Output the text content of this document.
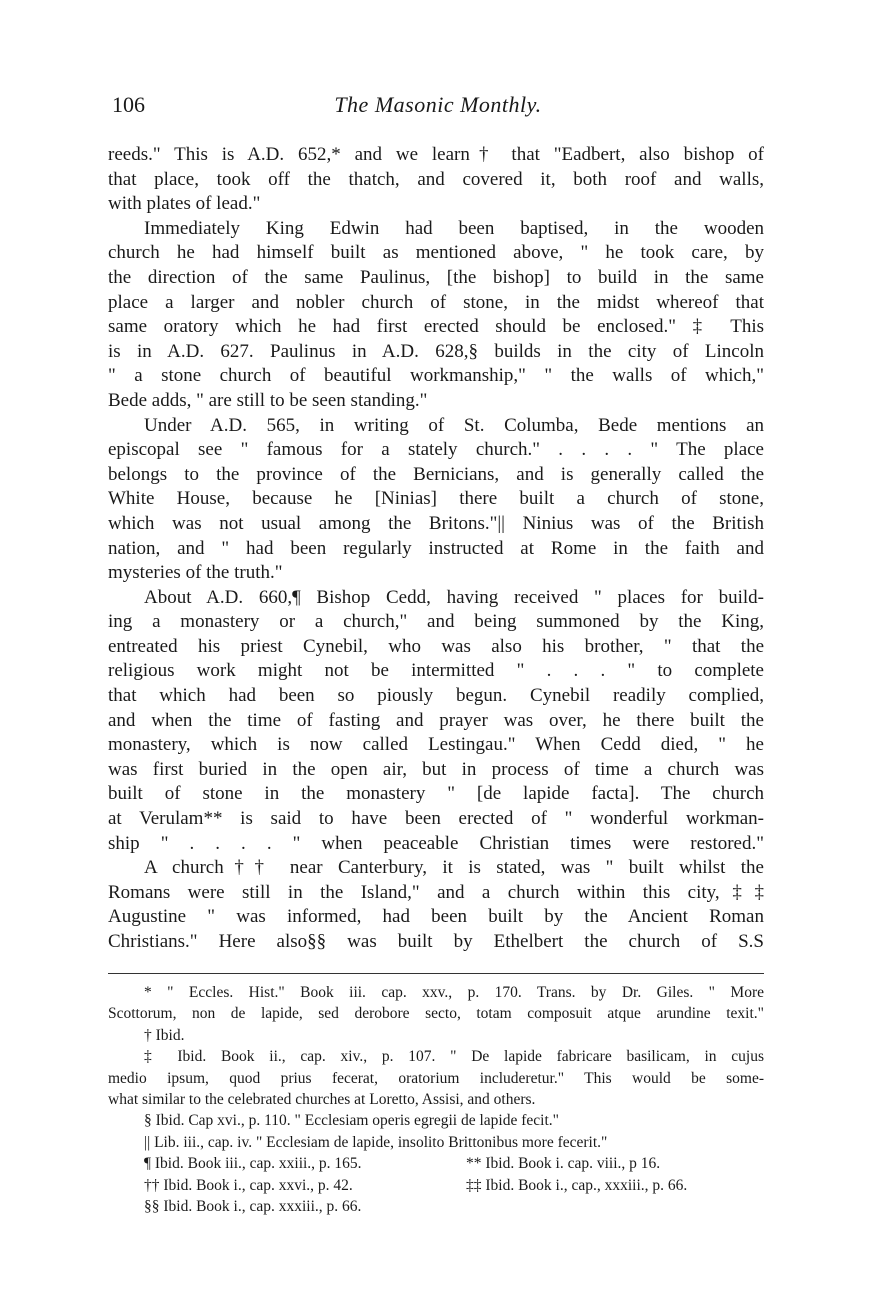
106	The Masonic Monthly.
reeds." This is A.D. 652,* and we learn† that "Eadbert, also bishop of
that place, took off the thatch, and covered it, both roof and walls,
with plates of lead."
Immediately King Edwin had been baptised, in the wooden
church he had himself built as mentioned above, " he took care, by
the direction of the same Paulinus, [the bishop] to build in the same
place a larger and nobler church of stone, in the midst whereof that
same oratory which he had first erected should be enclosed." ‡ This
is in A.D. 627. Paulinus in A.D. 628,§ builds in the city of Lincoln
" a stone church of beautiful workmanship," " the walls of which,"
Bede adds, " are still to be seen standing."
Under A.D. 565, in writing of St. Columba, Bede mentions an
episcopal see " famous for a stately church." . . . . " The place
belongs to the province of the Bernicians, and is generally called the
White House, because he [Ninias] there built a church of stone,
which was not usual among the Britons."|| Ninius was of the British
nation, and " had been regularly instructed at Rome in the faith and
mysteries of the truth."
About A.D. 660,¶ Bishop Cedd, having received " places for build-
ing a monastery or a church," and being summoned by the King,
entreated his priest Cynebil, who was also his brother, " that the
religious work might not be intermitted " . . . " to complete
that which had been so piously begun. Cynebil readily complied,
and when the time of fasting and prayer was over, he there built the
monastery, which is now called Lestingau." When Cedd died, " he
was first buried in the open air, but in process of time a church was
built of stone in the monastery " [de lapide facta]. The church
at Verulam** is said to have been erected of " wonderful workman-
ship " . . . . " when peaceable Christian times were restored."
A church†† near Canterbury, it is stated, was " built whilst the
Romans were still in the Island," and a church within this city,‡‡
Augustine " was informed, had been built by the Ancient Roman
Christians." Here also§§ was built by Ethelbert the church of S.S
* " Eccles. Hist." Book iii. cap. xxv., p. 170. Trans. by Dr. Giles. " More
Scottorum, non de lapide, sed derobore secto, totam composuit atque arundine texit."
† Ibid.
‡ Ibid. Book ii., cap. xiv., p. 107. " De lapide fabricare basilicam, in cujus
medio ipsum, quod prius fecerat, oratorium includeretur." This would be some-
what similar to the celebrated churches at Loretto, Assisi, and others.
§ Ibid. Cap xvi., p. 110. " Ecclesiam operis egregii de lapide fecit."
|| Lib. iii., cap. iv. " Ecclesiam de lapide, insolito Brittonibus more fecerit."
¶ Ibid. Book iii., cap. xxiii., p. 165.	** Ibid. Book i. cap. viii., p 16.
†† Ibid. Book i., cap. xxvi., p. 42.	‡‡ Ibid. Book i., cap., xxxiii., p. 66.
§§ Ibid. Book i., cap. xxxiii., p. 66.
